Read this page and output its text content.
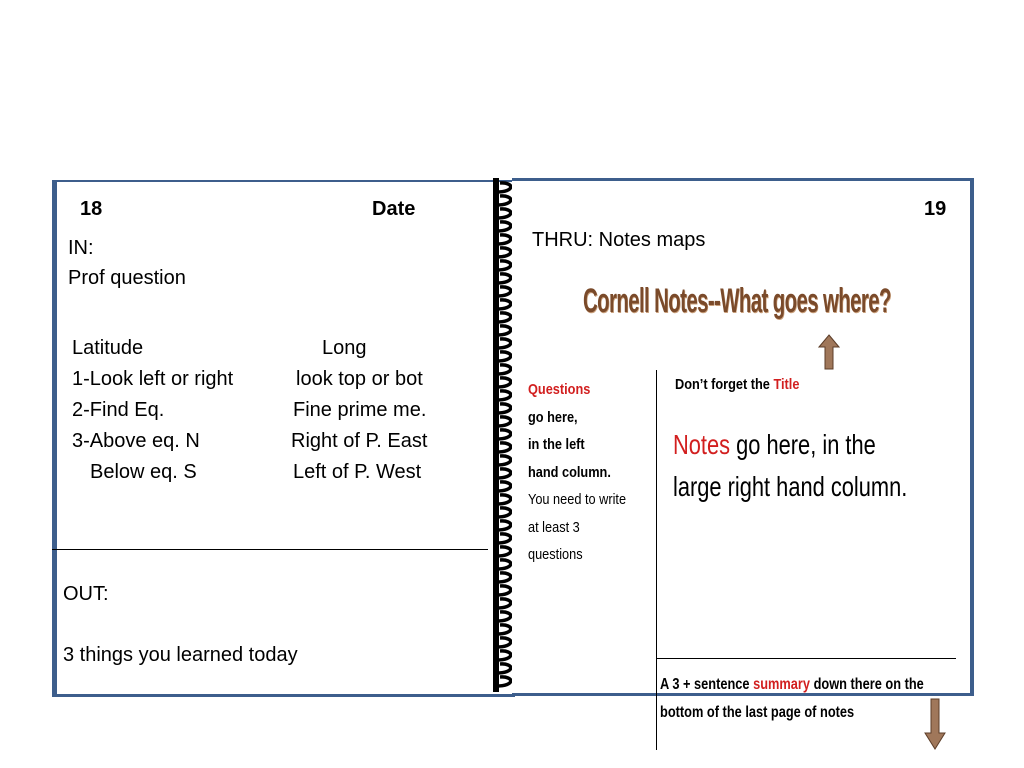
18	Date
IN:
Prof question
Latitude	Long
1-Look left or right	look top or bot
2-Find Eq.	Fine prime me.
3-Above eq. N	Right of P. East
Below eq. S	Left of P. West
OUT:
3 things you learned today
19
THRU: Notes maps
Cornell Notes--What goes where?
Don’t forget the Title
Questions
go here,
in the left
hand column.
You need to write
at least 3
questions
Notes go here, in the
large right hand column.
A 3 + sentence summary down there on the
bottom of the last page of notes
